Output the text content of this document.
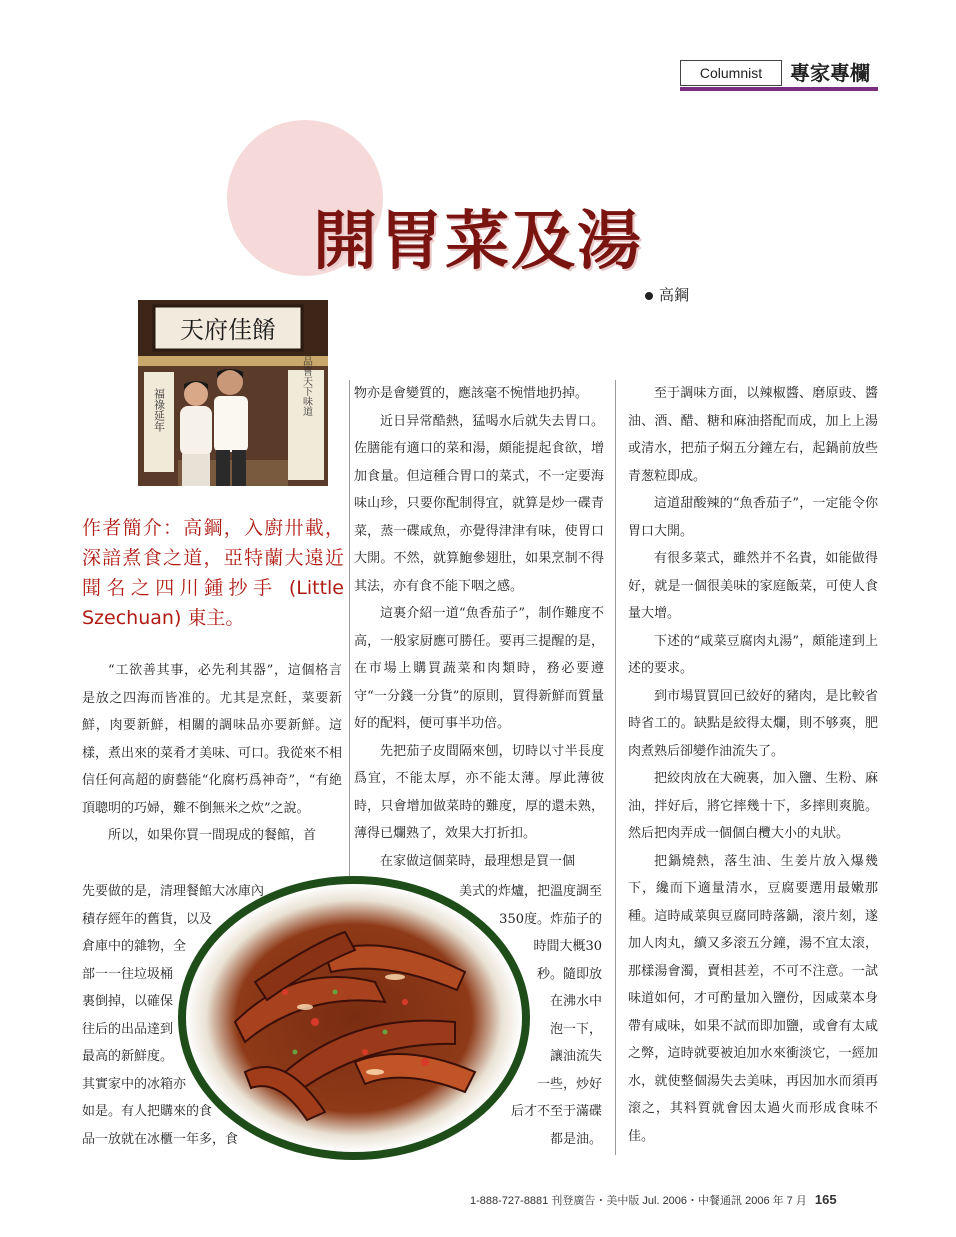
Columnist	專家專欄
開胃菜及湯
高鋼
天府佳餚
福祿延年	品嘗天下味道
作者簡介：高鋼，入廚卅載，深諳煮食之道，亞特蘭大遠近聞名之四川鍾抄手 (Little Szechuan) 東主。

“工欲善其事，必先利其器”，這個格言是放之四海而皆准的。尤其是烹飪，菜要新鮮，肉要新鮮，相關的調味品亦要新鮮。這樣，煮出來的菜肴才美味、可口。我從來不相信任何高超的廚藝能“化腐朽爲神奇”，“有絶頂聰明的巧婦，難不倒無米之炊”之說。

所以，如果你買一間現成的餐館，首

先要做的是，清理餐館大冰庫內
積存經年的舊貨，以及
倉庫中的雜物，全
部一一往垃圾桶
裏倒掉，以確保
往后的出品達到
最高的新鮮度。
其實家中的冰箱亦
如是。有人把購來的食
品一放就在冰櫃一年多，食

物亦是會變質的，應該毫不惋惜地扔掉。

近日异常酷熱，猛喝水后就失去胃口。佐膳能有適口的菜和湯，頗能提起食欲，增加食量。但這種合胃口的菜式，不一定要海味山珍，只要你配制得宜，就算是炒一碟青菜，蒸一碟咸魚，亦覺得津津有味，使胃口大開。不然，就算鮑參翅肚，如果烹制不得其法，亦有食不能下咽之感。

這裏介紹一道“魚香茄子”，制作難度不高，一般家厨應可勝任。要再三提醒的是，在市場上購買蔬菜和肉類時，務必要遵守“一分錢一分貨”的原則，買得新鮮而質量好的配料，便可事半功倍。

先把茄子皮間隔來刨，切時以寸半長度爲宜，不能太厚，亦不能太薄。厚此薄彼時，只會增加做菜時的難度，厚的還未熟，薄得已爛熟了，效果大打折扣。

在家做這個菜時，最理想是買一個

美式的炸爐，把溫度調至
350度。炸茄子的
時間大概30
秒。隨即放
在沸水中
泡一下，
讓油流失
一些，炒好
后才不至于滿碟
都是油。

至于調味方面，以辣椒醬、磨原豉、醬油、酒、醋、糖和麻油搭配而成，加上上湯或清水，把茄子焖五分鐘左右，起鍋前放些青葱粒即成。

這道甜酸辣的“魚香茄子”，一定能令你胃口大開。

有很多菜式，雖然并不名貴，如能做得好，就是一個很美味的家庭飯菜，可使人食量大增。

下述的“咸菜豆腐肉丸湯”，頗能達到上述的要求。

到市場買買回已絞好的豬肉，是比較省時省工的。缺點是絞得太爛，則不够爽，肥肉煮熟后卻變作油流失了。

把絞肉放在大碗裏，加入鹽、生粉、麻油，拌好后，將它摔幾十下，多摔則爽脆。然后把肉弄成一個個白欖大小的丸狀。

把鍋燒熱，落生油、生姜片放入爆幾下，纔而下適量清水，豆腐要選用最嫩那種。這時咸菜與豆腐同時落鍋，滚片刻，遂加人肉丸，續又多滚五分鐘，湯不宜太滚，那樣湯會濁，賣相甚差，不可不注意。一試味道如何，才可酌量加入鹽份，因咸菜本身帶有咸味，如果不試而即加鹽，或會有太咸之弊，這時就要被迫加水來衝淡它，一經加水，就使整個湯失去美味，再因加水而須再滚之，其料質就會因太過火而形成食味不佳。

1-888-727-8881 刊登廣告・美中版 Jul. 2006・中餐通訊 2006 年 7 月 165
